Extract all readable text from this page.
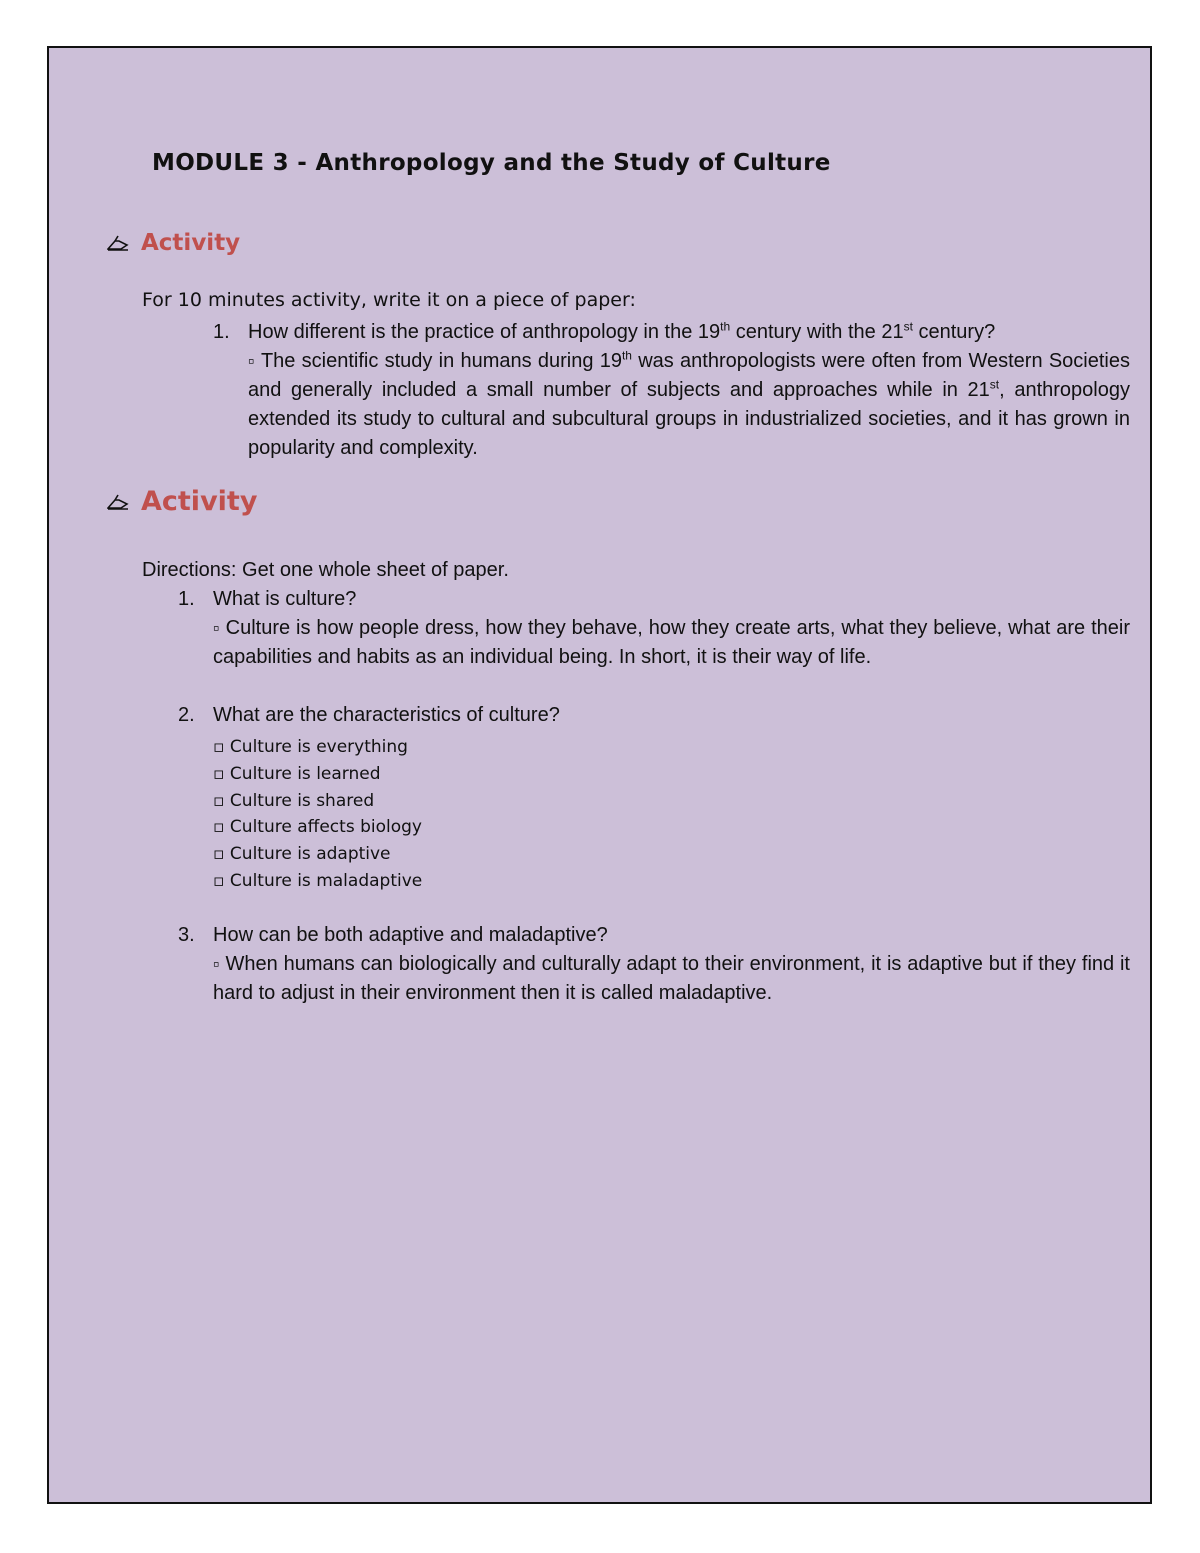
MODULE 3 - Anthropology and the Study of Culture
Activity

For 10 minutes activity, write it on a piece of paper:

1. How different is the practice of anthropology in the 19th century with the 21st century?

▫ The scientific study in humans during 19th was anthropologists were often from Western Societies and generally included a small number of subjects and approaches while in 21st, anthropology extended its study to cultural and subcultural groups in industrialized societies, and it has grown in popularity and complexity.

Activity

Directions: Get one whole sheet of paper.

1. What is culture?

▫ Culture is how people dress, how they behave, how they create arts, what they believe, what are their capabilities and habits as an individual being. In short, it is their way of life.

2. What are the characteristics of culture?

▫ Culture is everything
▫ Culture is learned
▫ Culture is shared
▫ Culture affects biology
▫ Culture is adaptive
▫ Culture is maladaptive
3. How can be both adaptive and maladaptive?

▫ When humans can biologically and culturally adapt to their environment, it is adaptive but if they find it hard to adjust in their environment then it is called maladaptive.
